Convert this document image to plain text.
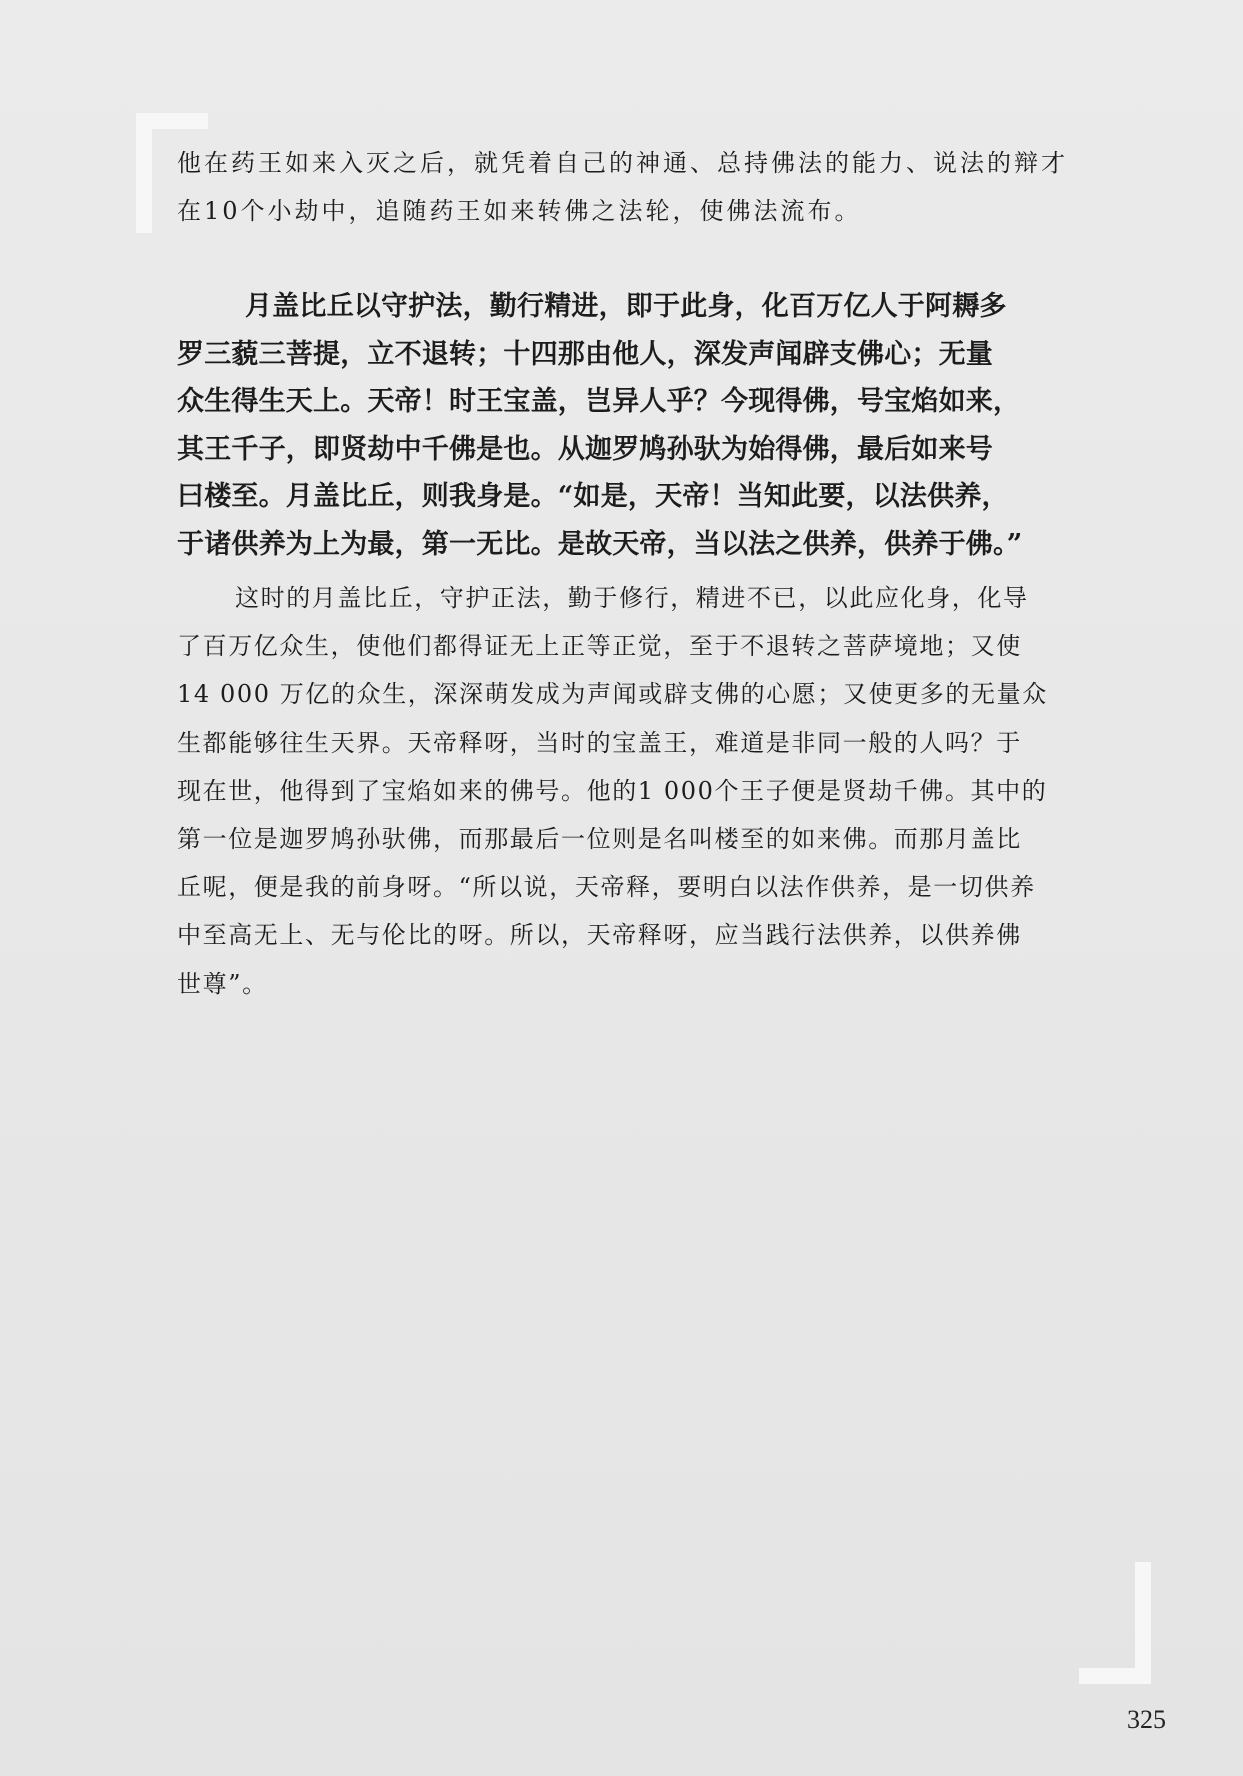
他在药王如来入灭之后，就凭着自己的神通、总持佛法的能力、说法的辩才
在10个小劫中，追随药王如来转佛之法轮，使佛法流布。
月盖比丘以守护法，勤行精进，即于此身，化百万亿人于阿耨多
罗三藐三菩提，立不退转；十四那由他人，深发声闻辟支佛心；无量
众生得生天上。天帝！时王宝盖，岂异人乎？今现得佛，号宝焰如来，
其王千子，即贤劫中千佛是也。从迦罗鸠孙驮为始得佛，最后如来号
曰楼至。月盖比丘，则我身是。“如是，天帝！当知此要，以法供养，
于诸供养为上为最，第一无比。是故天帝，当以法之供养，供养于佛。”
这时的月盖比丘，守护正法，勤于修行，精进不已，以此应化身，化导
了百万亿众生，使他们都得证无上正等正觉，至于不退转之菩萨境地；又使
14 000 万亿的众生，深深萌发成为声闻或辟支佛的心愿；又使更多的无量众
生都能够往生天界。天帝释呀，当时的宝盖王，难道是非同一般的人吗？于
现在世，他得到了宝焰如来的佛号。他的1 000个王子便是贤劫千佛。其中的
第一位是迦罗鸠孙驮佛，而那最后一位则是名叫楼至的如来佛。而那月盖比
丘呢，便是我的前身呀。“所以说，天帝释，要明白以法作供养，是一切供养
中至高无上、无与伦比的呀。所以，天帝释呀，应当践行法供养，以供养佛
世尊”。
325
